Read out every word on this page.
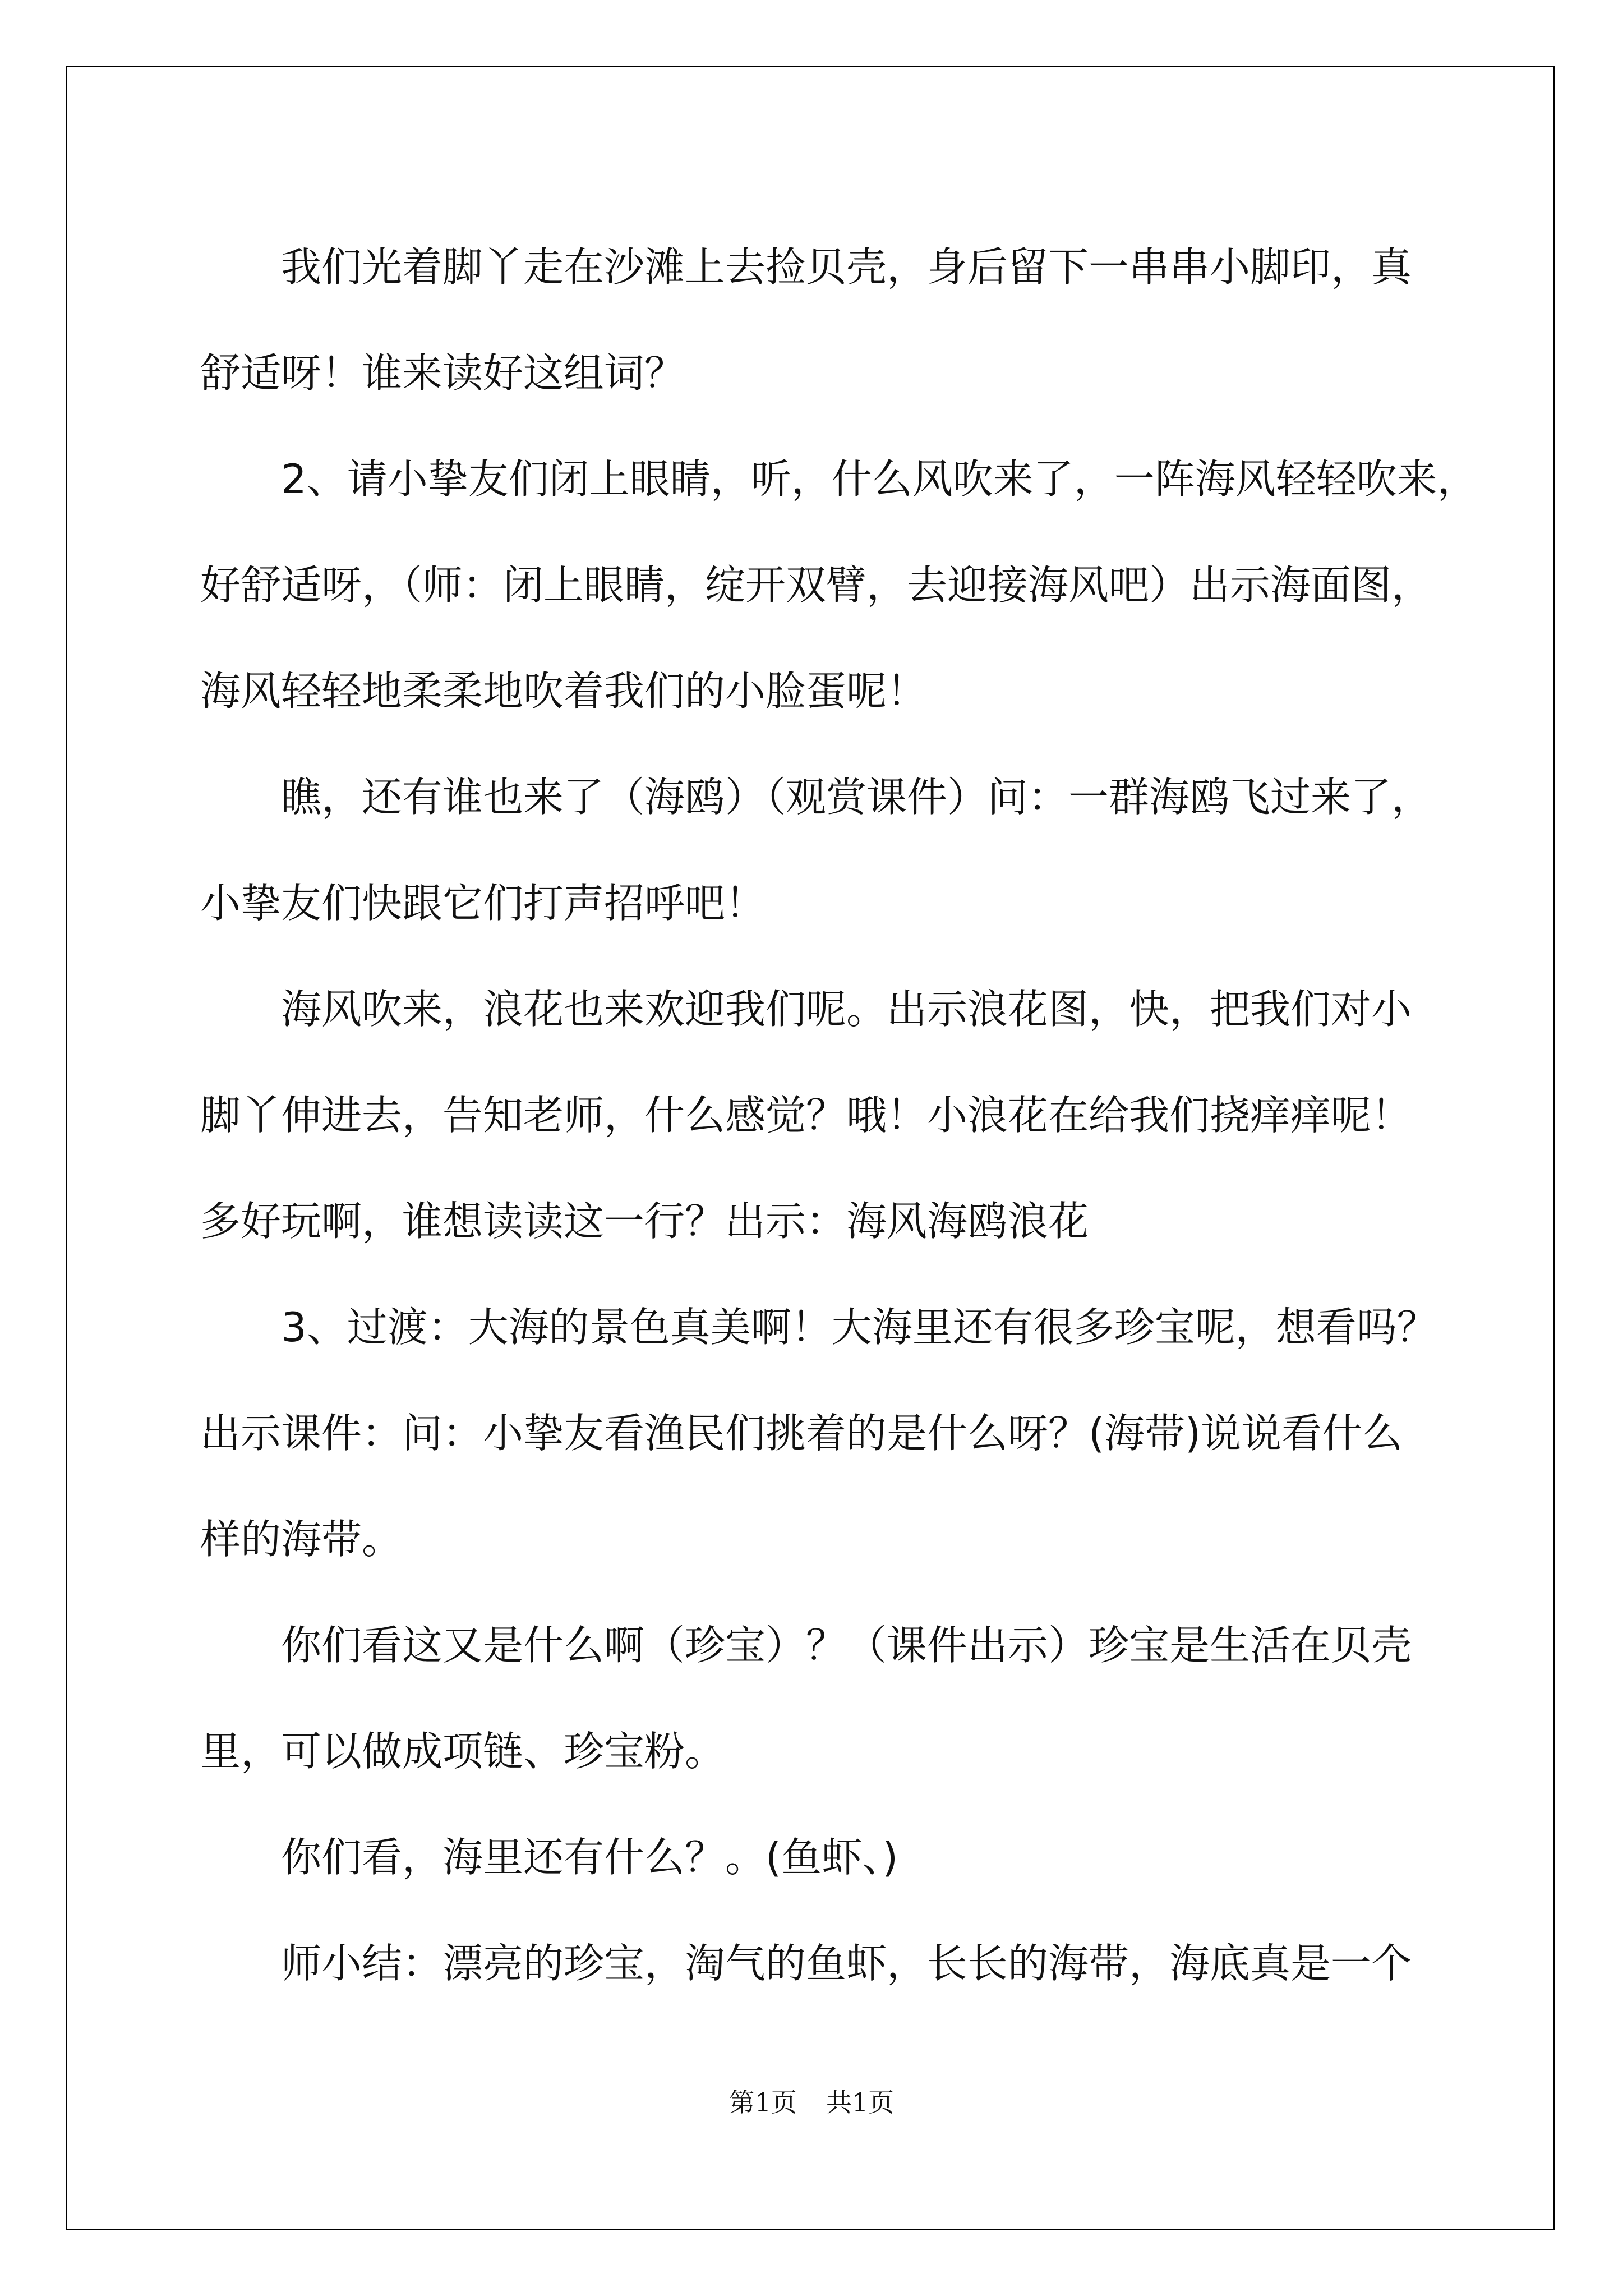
我们光着脚丫走在沙滩上去捡贝壳，身后留下一串串小脚印，真
舒适呀！谁来读好这组词？

2、请小挚友们闭上眼睛，听，什么风吹来了，一阵海风轻轻吹来，
好舒适呀，（师：闭上眼睛，绽开双臂，去迎接海风吧）出示海面图，
海风轻轻地柔柔地吹着我们的小脸蛋呢！

瞧，还有谁也来了（海鸥）（观赏课件）问：一群海鸥飞过来了，
小挚友们快跟它们打声招呼吧！

海风吹来，浪花也来欢迎我们呢。出示浪花图，快，把我们对小
脚丫伸进去，告知老师，什么感觉？哦！小浪花在给我们挠痒痒呢！
多好玩啊，谁想读读这一行？出示：海风海鸥浪花

3、过渡：大海的景色真美啊！大海里还有很多珍宝呢，想看吗？
出示课件：问：小挚友看渔民们挑着的是什么呀？(海带)说说看什么
样的海带。

你们看这又是什么啊（珍宝）？（课件出示）珍宝是生活在贝壳
里，可以做成项链、珍宝粉。

你们看，海里还有什么？。(鱼虾、)

师小结：漂亮的珍宝，淘气的鱼虾，长长的海带，海底真是一个

第1页 共1页
